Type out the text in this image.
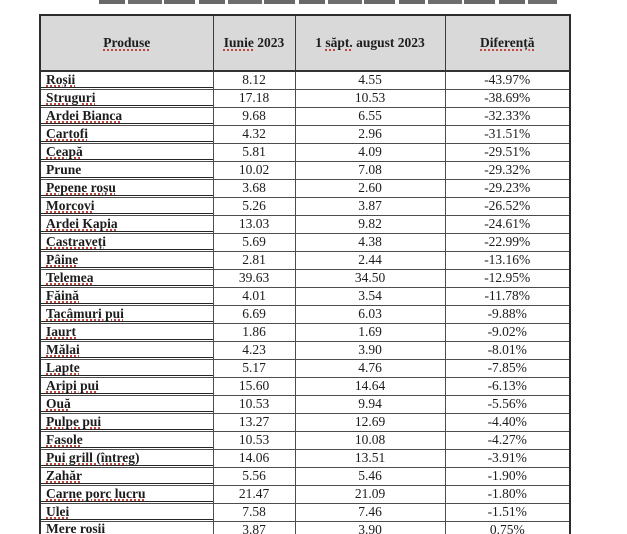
Produse	Iunie 2023	1 săpt. august 2023	Diferență

Roșii	8.12	4.55	-43.97%

Struguri	17.18	10.53	-38.69%

Ardei Bianca	9.68	6.55	-32.33%

Cartofi	4.32	2.96	-31.51%

Ceapă	5.81	4.09	-29.51%

Prune	10.02	7.08	-29.32%

Pepene roșu	3.68	2.60	-29.23%

Morcovi	5.26	3.87	-26.52%

Ardei Kapia	13.03	9.82	-24.61%

Castraveți	5.69	4.38	-22.99%

Pâine	2.81	2.44	-13.16%

Telemea	39.63	34.50	-12.95%

Făină	4.01	3.54	-11.78%

Tacâmuri pui	6.69	6.03	-9.88%

Iaurt	1.86	1.69	-9.02%

Mălai	4.23	3.90	-8.01%

Lapte	5.17	4.76	-7.85%

Aripi pui	15.60	14.64	-6.13%

Ouă	10.53	9.94	-5.56%

Pulpe pui	13.27	12.69	-4.40%

Fasole	10.53	10.08	-4.27%

Pui grill (întreg)	14.06	13.51	-3.91%

Zahăr	5.56	5.46	-1.90%

Carne porc lucru	21.47	21.09	-1.80%

Ulei	7.58	7.46	-1.51%

Mere rosii	3.87	3.90	0.75%
